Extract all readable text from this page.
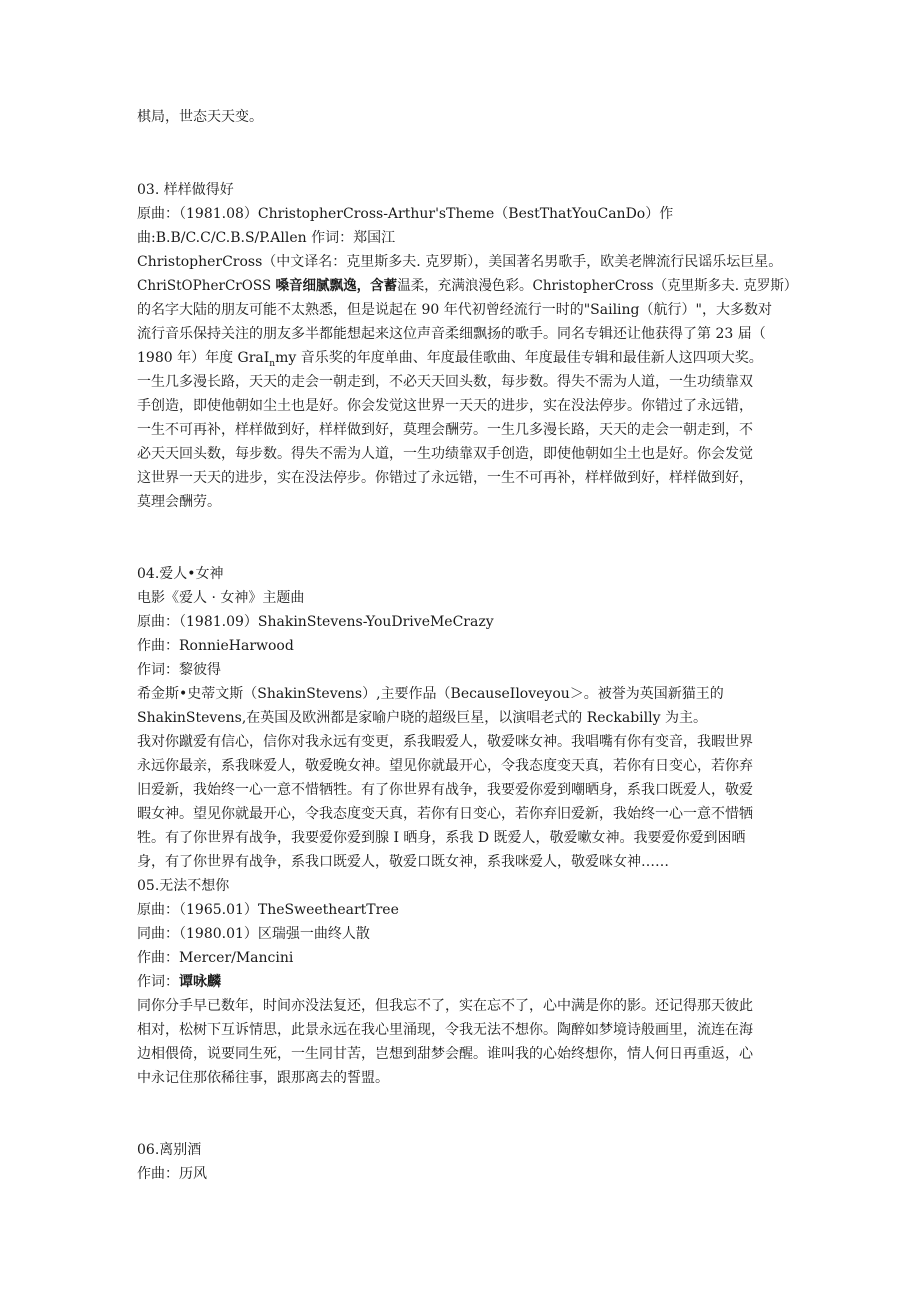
棋局，世态天天变。
03. 样样做得好
原曲：（1981.08）ChristopherCross-Arthur'sTheme（BestThatYouCanDo）作
曲:B.B/C.C/C.B.S/P.Allen 作词：郑国江
ChristopherCross（中文译名：克里斯多夫. 克罗斯），美国著名男歌手，欧美老牌流行民谣乐坛巨星。
ChriStOPherCrOSS 嗓音细腻飘逸，含蓄温柔，充满浪漫色彩。ChristopherCross（克里斯多夫. 克罗斯）
的名字大陆的朋友可能不太熟悉，但是说起在 90 年代初曾经流行一时的"Sailing（航行）"，大多数对
流行音乐保持关注的朋友多半都能想起来这位声音柔细飘扬的歌手。同名专辑还让他获得了第 23 届（
1980 年）年度 GraI$_n$my 音乐奖的年度单曲、年度最佳歌曲、年度最佳专辑和最佳新人这四项大奖。
一生几多漫长路，天天的走会一朝走到，不必天天回头数，每步数。得失不需为人道，一生功绩靠双
手创造，即使他朝如尘土也是好。你会发觉这世界一天天的进步，实在没法停步。你错过了永远错，
一生不可再补，样样做到好，样样做到好，莫理会酬劳。一生几多漫长路，天天的走会一朝走到，不
必天天回头数，每步数。得失不需为人道，一生功绩靠双手创造，即使他朝如尘土也是好。你会发觉
这世界一天天的进步，实在没法停步。你错过了永远错，一生不可再补，样样做到好，样样做到好，
莫理会酬劳。
04.爱人•女神
电影《爱人 · 女神》主题曲
原曲：（1981.09）ShakinStevens-YouDriveMeCrazy
作曲：RonnieHarwood
作词：黎彼得
希金斯•史蒂文斯（ShakinStevens）,主要作品（BecauseIloveyou＞。被誉为英国新猫王的
ShakinStevens,在英国及欧洲都是家喻户晓的超级巨星，以演唱老式的 Reckabilly 为主。
我对你蹴爱有信心，信你对我永远有变更，系我暇爱人，敬爱咪女神。我唱嘴有你有变音，我暇世界
永远你最亲，系我咪爱人，敬爱晚女神。望见你就最开心，令我态度变天真，若你有日变心，若你弃
旧爱新，我始终一心一意不惜牺牲。有了你世界有战争，我要爱你爱到嘲晒身，系我口既爱人，敬爱
暇女神。望见你就最开心，令我态度变天真，若你有日变心，若你弃旧爱新，我始终一心一意不惜牺
牲。有了你世界有战争，我要爱你爱到腺 I 晒身，系我 D 既爱人，敬爱嗽女神。我要爱你爱到困晒
身，有了你世界有战争，系我口既爱人，敬爱口既女神，系我咪爱人，敬爱咪女神……
05.无法不想你
原曲：（1965.01）TheSweetheartTree
同曲：（1980.01）区瑞强一曲终人散
作曲：Mercer/Mancini
作词：谭咏麟
同你分手早已数年，时间亦没法复还，但我忘不了，实在忘不了，心中满是你的影。还记得那天彼此
相对，松树下互诉情思，此景永远在我心里涌现，令我无法不想你。陶醉如梦境诗般画里，流连在海
边相偎倚，说要同生死，一生同甘苦，岂想到甜梦会醒。谁叫我的心始终想你，情人何日再重返，心
中永记住那依稀往事，跟那离去的誓盟。
06.离别酒
作曲：历风
